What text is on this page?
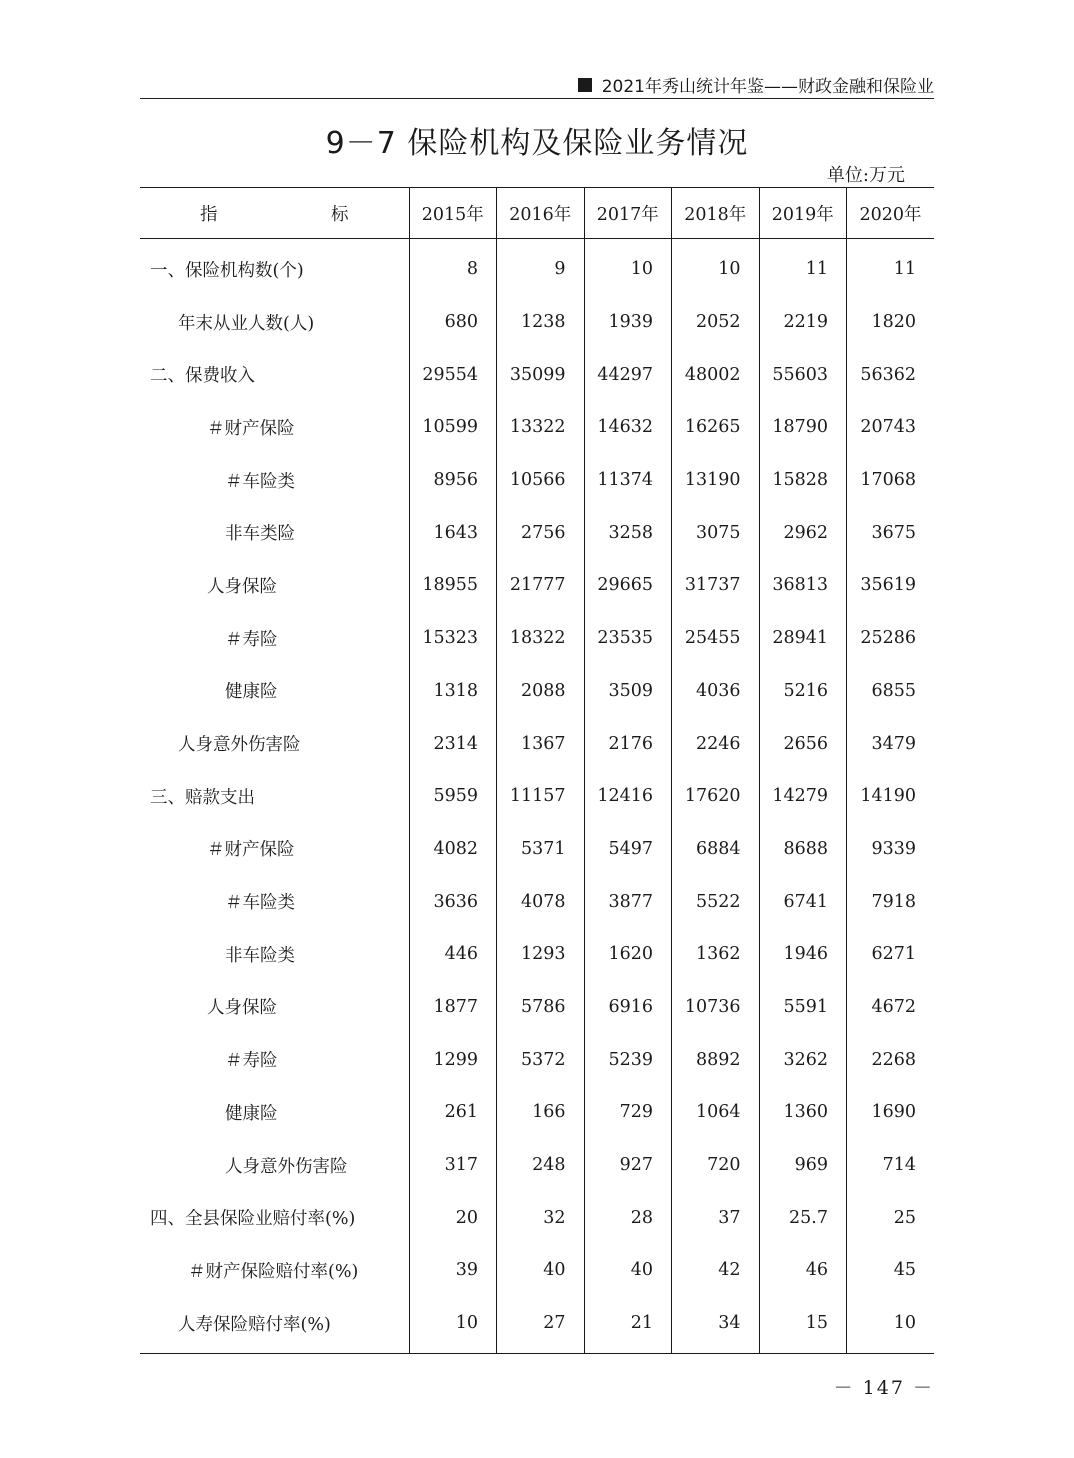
2021年秀山统计年鉴——财政金融和保险业
9－7 保险机构及保险业务情况
单位:万元
指　标	2015年	2016年	2017年	2018年	2019年	2020年
一、保险机构数(个)	8	9	10	10	11	11
年末从业人数(人)	680	1238	1939	2052	2219	1820
二、保费收入	29554	35099	44297	48002	55603	56362
＃财产保险	10599	13322	14632	16265	18790	20743
＃车险类	8956	10566	11374	13190	15828	17068
非车类险	1643	2756	3258	3075	2962	3675
人身保险	18955	21777	29665	31737	36813	35619
＃寿险	15323	18322	23535	25455	28941	25286
健康险	1318	2088	3509	4036	5216	6855
人身意外伤害险	2314	1367	2176	2246	2656	3479
三、赔款支出	5959	11157	12416	17620	14279	14190
＃财产保险	4082	5371	5497	6884	8688	9339
＃车险类	3636	4078	3877	5522	6741	7918
非车险类	446	1293	1620	1362	1946	6271
人身保险	1877	5786	6916	10736	5591	4672
＃寿险	1299	5372	5239	8892	3262	2268
健康险	261	166	729	1064	1360	1690
人身意外伤害险	317	248	927	720	969	714
四、全县保险业赔付率(%)	20	32	28	37	25.7	25
＃财产保险赔付率(%)	39	40	40	42	46	45
人寿保险赔付率(%)	10	27	21	34	15	10
－ 147 －
